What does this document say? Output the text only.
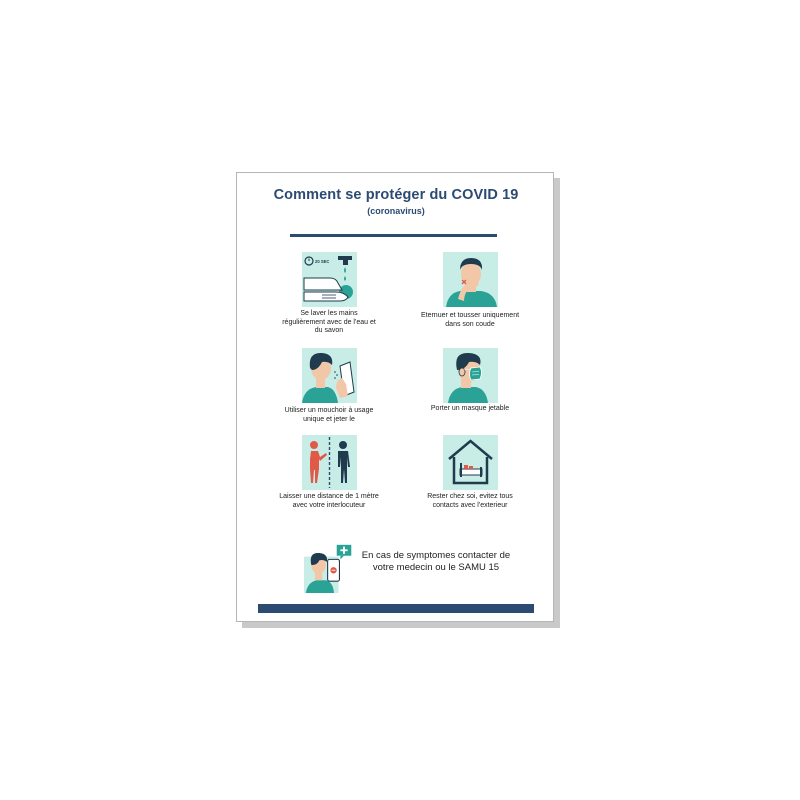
Comment se protéger du COVID 19
(coronavirus)
20 SEC
Se laver les mains régulièrement avec de l'eau et du savon
Eternuer et tousser uniquement dans son coude
Utiliser un mouchoir à usage unique et jeter le
Porter un masque jetable
Laisser une distance de 1 mètre avec votre interlocuteur
Rester chez soi, evitez tous contacts avec l'exterieur
En cas de symptomes contacter de votre medecin ou le SAMU 15
